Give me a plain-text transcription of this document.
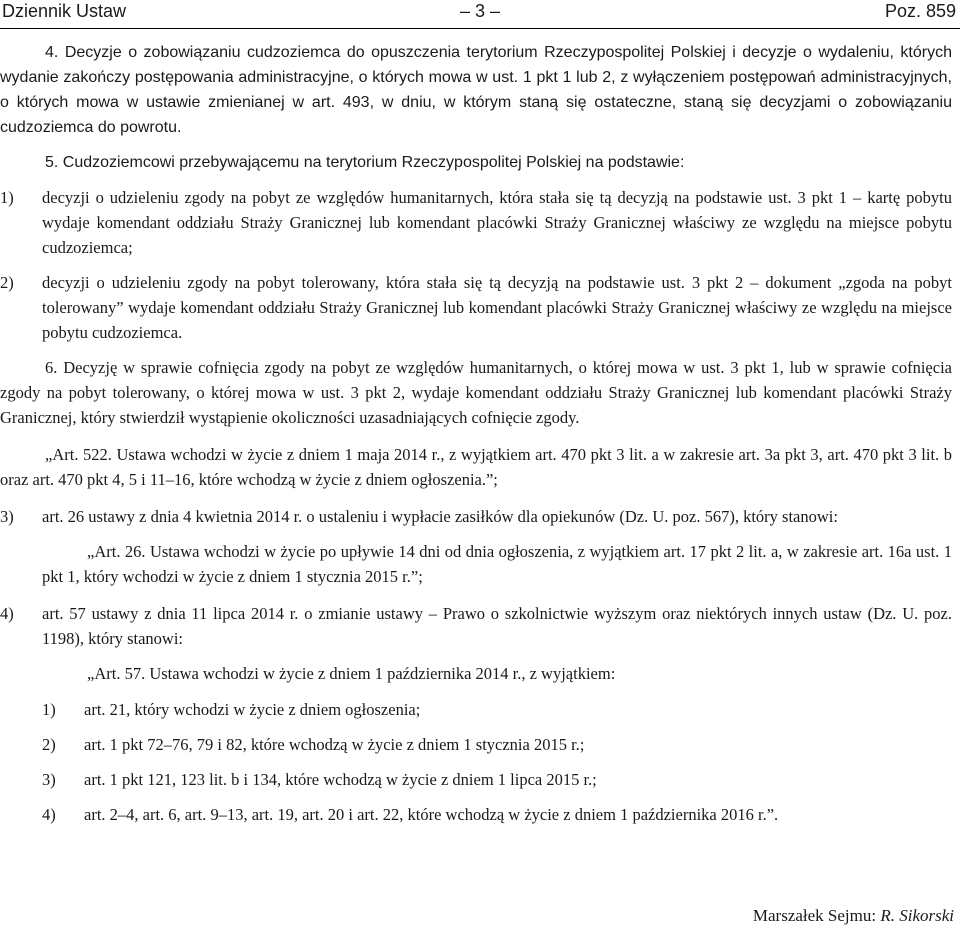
Dziennik Ustaw	– 3 –	Poz. 859

4. Decyzje o zobowiązaniu cudzoziemca do opuszczenia terytorium Rzeczypospolitej Polskiej i decyzje o wydaleniu, których wydanie zakończy postępowania administracyjne, o których mowa w ust. 1 pkt 1 lub 2, z wyłączeniem postępowań administracyjnych, o których mowa w ustawie zmienianej w art. 493, w dniu, w którym staną się ostateczne, staną się decyzjami o zobowiązaniu cudzoziemca do powrotu.

5. Cudzoziemcowi przebywającemu na terytorium Rzeczypospolitej Polskiej na podstawie:

1)	decyzji o udzieleniu zgody na pobyt ze względów humanitarnych, która stała się tą decyzją na podstawie ust. 3 pkt 1 – kartę pobytu wydaje komendant oddziału Straży Granicznej lub komendant placówki Straży Granicznej właściwy ze względu na miejsce pobytu cudzoziemca;
2)	decyzji o udzieleniu zgody na pobyt tolerowany, która stała się tą decyzją na podstawie ust. 3 pkt 2 – dokument „zgoda na pobyt tolerowany” wydaje komendant oddziału Straży Granicznej lub komendant placówki Straży Granicznej właściwy ze względu na miejsce pobytu cudzoziemca.

6. Decyzję w sprawie cofnięcia zgody na pobyt ze względów humanitarnych, o której mowa w ust. 3 pkt 1, lub w sprawie cofnięcia zgody na pobyt tolerowany, o której mowa w ust. 3 pkt 2, wydaje komendant oddziału Straży Granicznej lub komendant placówki Straży Granicznej, który stwierdził wystąpienie okoliczności uzasadniających cofnięcie zgody.

„Art. 522. Ustawa wchodzi w życie z dniem 1 maja 2014 r., z wyjątkiem art. 470 pkt 3 lit. a w zakresie art. 3a pkt 3, art. 470 pkt 3 lit. b oraz art. 470 pkt 4, 5 i 11–16, które wchodzą w życie z dniem ogłoszenia.”;

3)	art. 26 ustawy z dnia 4 kwietnia 2014 r. o ustaleniu i wypłacie zasiłków dla opiekunów (Dz. U. poz. 567), który stanowi:

„Art. 26. Ustawa wchodzi w życie po upływie 14 dni od dnia ogłoszenia, z wyjątkiem art. 17 pkt 2 lit. a, w zakresie art. 16a ust. 1 pkt 1, który wchodzi w życie z dniem 1 stycznia 2015 r.”;

4)	art. 57 ustawy z dnia 11 lipca 2014 r. o zmianie ustawy – Prawo o szkolnictwie wyższym oraz niektórych innych ustaw (Dz. U. poz. 1198), który stanowi:

„Art. 57. Ustawa wchodzi w życie z dniem 1 października 2014 r., z wyjątkiem:

1)	art. 21, który wchodzi w życie z dniem ogłoszenia;
2)	art. 1 pkt 72–76, 79 i 82, które wchodzą w życie z dniem 1 stycznia 2015 r.;
3)	art. 1 pkt 121, 123 lit. b i 134, które wchodzą w życie z dniem 1 lipca 2015 r.;
4)	art. 2–4, art. 6, art. 9–13, art. 19, art. 20 i art. 22, które wchodzą w życie z dniem 1 października 2016 r.”.
Marszałek Sejmu: R. Sikorski
